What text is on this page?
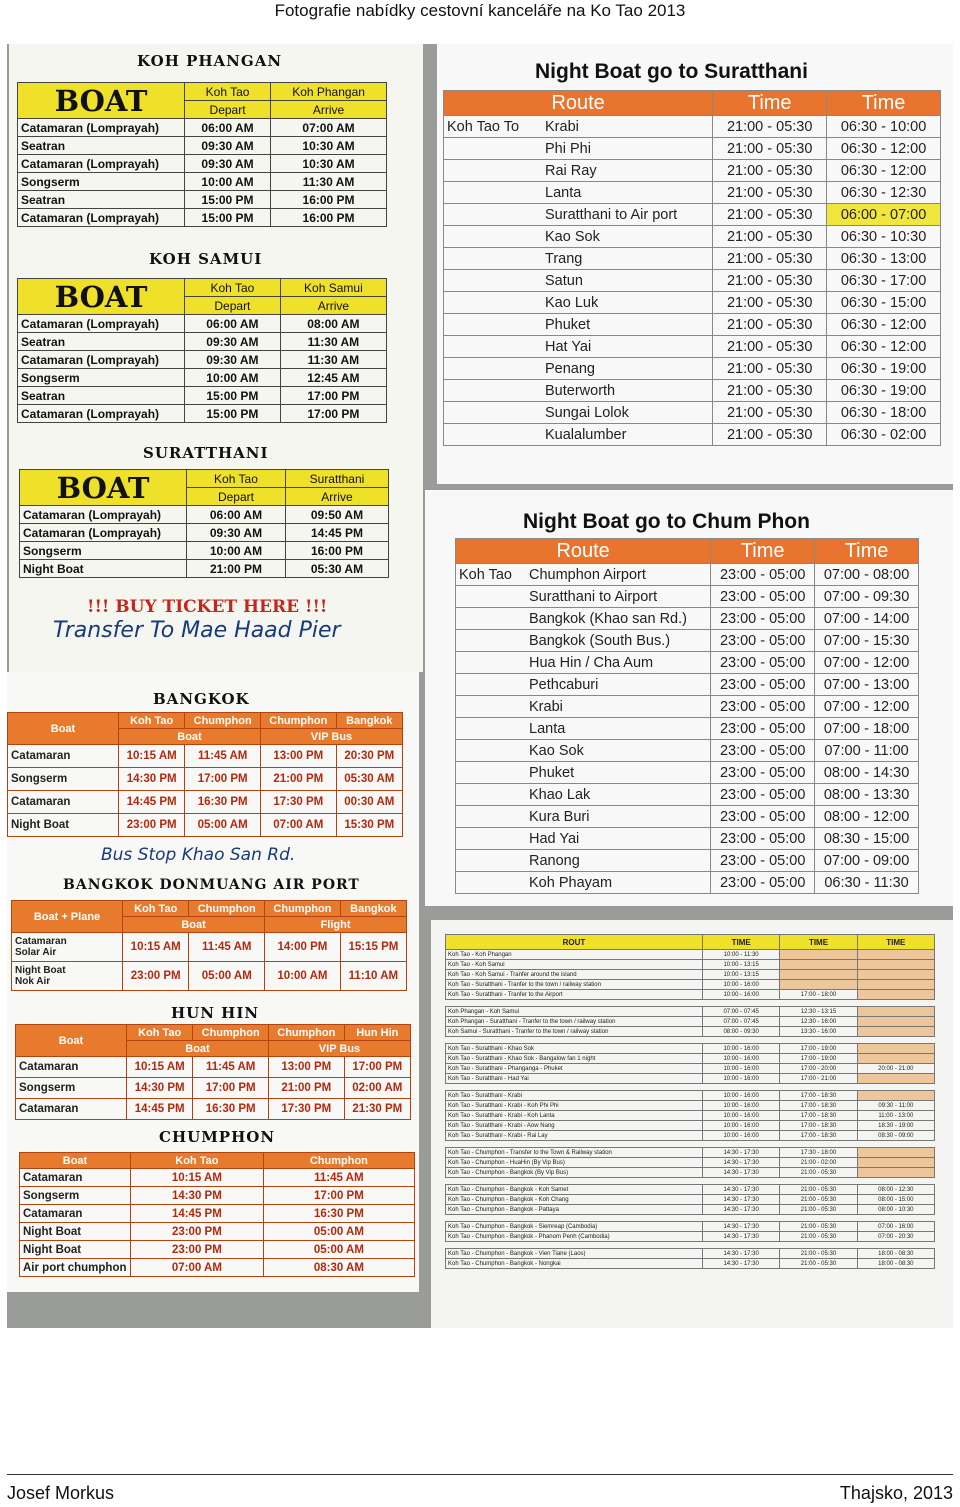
Fotografie nabídky cestovní kanceláře na Ko Tao 2013
KOH PHANGAN
BOAT	Koh Tao	Koh Phangan
	Depart	Arrive
Catamaran (Lomprayah)	06:00 AM	07:00 AM
Seatran	09:30 AM	10:30 AM
Catamaran (Lomprayah)	09:30 AM	10:30 AM
Songserm	10:00 AM	11:30 AM
Seatran	15:00 PM	16:00 PM
Catamaran (Lomprayah)	15:00 PM	16:00 PM
KOH SAMUI
BOAT	Koh Tao	Koh Samui
	Depart	Arrive
Catamaran (Lomprayah)	06:00 AM	08:00 AM
Seatran	09:30 AM	11:30 AM
Catamaran (Lomprayah)	09:30 AM	11:30 AM
Songserm	10:00 AM	12:45 AM
Seatran	15:00 PM	17:00 PM
Catamaran (Lomprayah)	15:00 PM	17:00 PM
SURATTHANI
BOAT	Koh Tao	Suratthani
	Depart	Arrive
Catamaran (Lomprayah)	06:00 AM	09:50 AM
Catamaran (Lomprayah)	09:30 AM	14:45 PM
Songserm	10:00 AM	16:00 PM
Night Boat	21:00 PM	05:30 AM
!!! BUY TICKET HERE !!!
Transfer To Mae Haad Pier
BANGKOK
Boat	Koh Tao	Chumphon	Chumphon	Bangkok
	Boat		VIP Bus	
Catamaran	10:15 AM	11:45 AM	13:00 PM	20:30 PM
Songserm	14:30 PM	17:00 PM	21:00 PM	05:30 AM
Catamaran	14:45 PM	16:30 PM	17:30 PM	00:30 AM
Night Boat	23:00 PM	05:00 AM	07:00 AM	15:30 PM
Bus Stop Khao San Rd.
BANGKOK DONMUANG AIR PORT
Boat + Plane	Koh Tao	Chumphon	Chumphon	Bangkok
	Boat		Flight	
Catamaran
Solar Air	10:15 AM	11:45 AM	14:00 PM	15:15 PM
Night Boat
Nok Air	23:00 PM	05:00 AM	10:00 AM	11:10 AM
HUN HIN
Boat	Koh Tao	Chumphon	Chumphon	Hun Hin
	Boat		VIP Bus	
Catamaran	10:15 AM	11:45 AM	13:00 PM	17:00 PM
Songserm	14:30 PM	17:00 PM	21:00 PM	02:00 AM
Catamaran	14:45 PM	16:30 PM	17:30 PM	21:30 PM
CHUMPHON
Boat	Koh Tao	Chumphon
Catamaran	10:15 AM	11:45 AM
Songserm	14:30 PM	17:00 PM
Catamaran	14:45 PM	16:30 PM
Night Boat	23:00 PM	05:00 AM
Night Boat	23:00 PM	05:00 AM
Air port chumphon	07:00 AM	08:30 AM
Night Boat go to Suratthani
Route		Time	Time
Koh Tao To	Krabi	21:00 - 05:30	06:30 - 10:00
	Phi Phi	21:00 - 05:30	06:30 - 12:00
	Rai Ray	21:00 - 05:30	06:30 - 12:00
	Lanta	21:00 - 05:30	06:30 - 12:30
	Suratthani to Air port	21:00 - 05:30	06:00 - 07:00
	Kao Sok	21:00 - 05:30	06:30 - 10:30
	Trang	21:00 - 05:30	06:30 - 13:00
	Satun	21:00 - 05:30	06:30 - 17:00
	Kao Luk	21:00 - 05:30	06:30 - 15:00
	Phuket	21:00 - 05:30	06:30 - 12:00
	Hat Yai	21:00 - 05:30	06:30 - 12:00
	Penang	21:00 - 05:30	06:30 - 19:00
	Buterworth	21:00 - 05:30	06:30 - 19:00
	Sungai Lolok	21:00 - 05:30	06:30 - 18:00
	Kualalumber	21:00 - 05:30	06:30 - 02:00
Night Boat go to Chum Phon
Route		Time	Time
Koh Tao	Chumphon Airport	23:00 - 05:00	07:00 - 08:00
	Suratthani to Airport	23:00 - 05:00	07:00 - 09:30
	Bangkok (Khao san Rd.)	23:00 - 05:00	07:00 - 14:00
	Bangkok (South Bus.)	23:00 - 05:00	07:00 - 15:30
	Hua Hin / Cha Aum	23:00 - 05:00	07:00 - 12:00
	Pethcaburi	23:00 - 05:00	07:00 - 13:00
	Krabi	23:00 - 05:00	07:00 - 12:00
	Lanta	23:00 - 05:00	07:00 - 18:00
	Kao Sok	23:00 - 05:00	07:00 - 11:00
	Phuket	23:00 - 05:00	08:00 - 14:30
	Khao Lak	23:00 - 05:00	08:00 - 13:30
	Kura Buri	23:00 - 05:00	08:00 - 12:00
	Had Yai	23:00 - 05:00	08:30 - 15:00
	Ranong	23:00 - 05:00	07:00 - 09:00
	Koh Phayam	23:00 - 05:00	06:30 - 11:30
ROUT	TIME	TIME	TIME
Koh Tao - Koh Phangan	10:00 - 11:30		
Koh Tao - Koh Samui	10:00 - 13:15		
Koh Tao - Koh Samui - Tranfer around the island	10:00 - 13:15		
Koh Tao - Suratthani - Tranfer to the town / railway station	10:00 - 16:00		
Koh Tao - Suratthani - Tranfer to the Airport	10:00 - 16:00	17:00 - 18:00	

Koh Phangan - Koh Samui	07:00 - 07:45	12:30 - 13:15	
Koh Phangan - Suratthani - Tranfer to the town / railway station	07:00 - 07:45	12:30 - 16:00	
Koh Samui - Suratthani - Tranfer to the town / railway station	08:00 - 09:30	13:30 - 16:00	

Koh Tao - Suratthani - Khao Sok	10:00 - 16:00	17:00 - 19:00	
Koh Tao - Suratthani - Khao Sok - Bangalow fan 1 night	10:00 - 16:00	17:00 - 19:00	
Koh Tao - Suratthani - Phanganga - Phuket	10:00 - 16:00	17:00 - 20:00	20:00 - 21:00
Koh Tao - Suratthani - Had Yai	10:00 - 16:00	17:00 - 21:00	

Koh Tao - Suratthani - Krabi	10:00 - 16:00	17:00 - 18:30	
Koh Tao - Suratthani - Krabi - Koh Phi Phi	10:00 - 16:00	17:00 - 18:30	09:30 - 11:00
Koh Tao - Suratthani - Krabi - Koh Lanta	10:00 - 16:00	17:00 - 18:30	11:00 - 13:00
Koh Tao - Suratthani - Krabi - Aow Nang	10:00 - 16:00	17:00 - 18:30	18:30 - 19:00
Koh Tao - Suratthani - Krabi - Rai Lay	10:00 - 16:00	17:00 - 18:30	08:30 - 09:00

Koh Tao - Chumphon - Transfer to the Town & Railway station	14:30 - 17:30	17:30 - 18:00	
Koh Tao - Chumphon - HuaHin (By Vip Bus)	14:30 - 17:30	21:00 - 02:00	
Koh Tao - Chumphon - Bangkok (By Vip Bus)	14:30 - 17:30	21:00 - 05:30	

Koh Tao - Chumphon - Bangkok - Koh Samet	14:30 - 17:30	21:00 - 05:30	08:00 - 12:30
Koh Tao - Chumphon - Bangkok - Koh Chang	14:30 - 17:30	21:00 - 05:30	08:00 - 15:00
Koh Tao - Chumphon - Bangkok - Pattaya	14:30 - 17:30	21:00 - 05:30	08:00 - 10:30

Koh Tao - Chumphon - Bangkok - Siemreap (Cambodia)	14:30 - 17:30	21:00 - 05:30	07:00 - 16:00
Koh Tao - Chumphon - Bangkok - Phanom Penh (Cambodia)	14:30 - 17:30	21:00 - 05:30	07:00 - 20:30

Koh Tao - Chumphon - Bangkok - Vien Tiane (Laos)	14:30 - 17:30	21:00 - 05:30	18:00 - 08:30
Koh Tao - Chumphon - Bangkok - Nongkai	14:30 - 17:30	21:00 - 05:30	18:00 - 08:30
Josef Morkus	Thajsko, 2013
